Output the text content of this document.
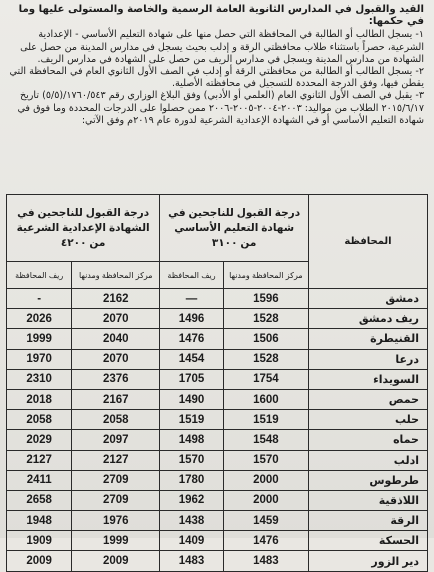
القيد والقبول في المدارس الثانوية العامة الرسمية والخاصة والمستولى عليها وما في حكمها:

١- يسجل الطالب أو الطالبة في المحافظة التي حصل منها على شهادة التعليم الأساسي - الإعدادية الشرعية، حصراً باستثناء طلاب محافظتي الرقة و إدلب بحيث يسجل في مدارس المدينة من حصل على الشهادة من مدارس المدينة ويسجل في مدارس الريف من حصل على الشهادة في مدارس الريف.

٢- يسجل الطالب أو الطالبة من محافظتي الرقة أو إدلب في الصف الأول الثانوي العام في المحافظة التي يقطن فيها، وفق الدرجة المحددة للتسجيل في محافظته الأصلية.

٣- يقبل في الصف الأول الثانوي العام (العلمي أو الأدبي) وفق البلاغ الوزاري رقم ١٧٦٠/٥٤٣/(٥/٥) تاريخ ٢٠١٥/٦/١٧ الطلاب من مواليد: ٢٠٠٣-٢٠٠٤-٢٠٠٥-٢٠٠٦ ممن حصلوا على الدرجات المحددة وما فوق في شهادة التعليم الأساسي أو في الشهادة الإعدادية الشرعية لدورة عام ٢٠١٩م وفق الآتي:

المحافظة	درجة القبول للناجحين في شهادة التعليم الأساسي من ٣١٠٠		درجة القبول للناجحين في الشهادة الإعدادية الشرعية من ٤٢٠٠	
	مركز المحافظة ومدنها	ريف المحافظة	مركز المحافظة ومدنها	ريف المحافظة
دمشق	1596	—	2162	-
ريف دمشق	1528	1496	2070	2026
القنيطرة	1506	1476	2040	1999
درعا	1528	1454	2070	1970
السويداء	1754	1705	2376	2310
حمص	1600	1490	2167	2018
حلب	1519	1519	2058	2058
حماه	1548	1498	2097	2029
ادلب	1570	1570	2127	2127
طرطوس	2000	1780	2709	2411
اللاذقية	2000	1962	2709	2658
الرقة	1459	1438	1976	1948
الحسكة	1476	1409	1999	1909
دير الزور	1483	1483	2009	2009
